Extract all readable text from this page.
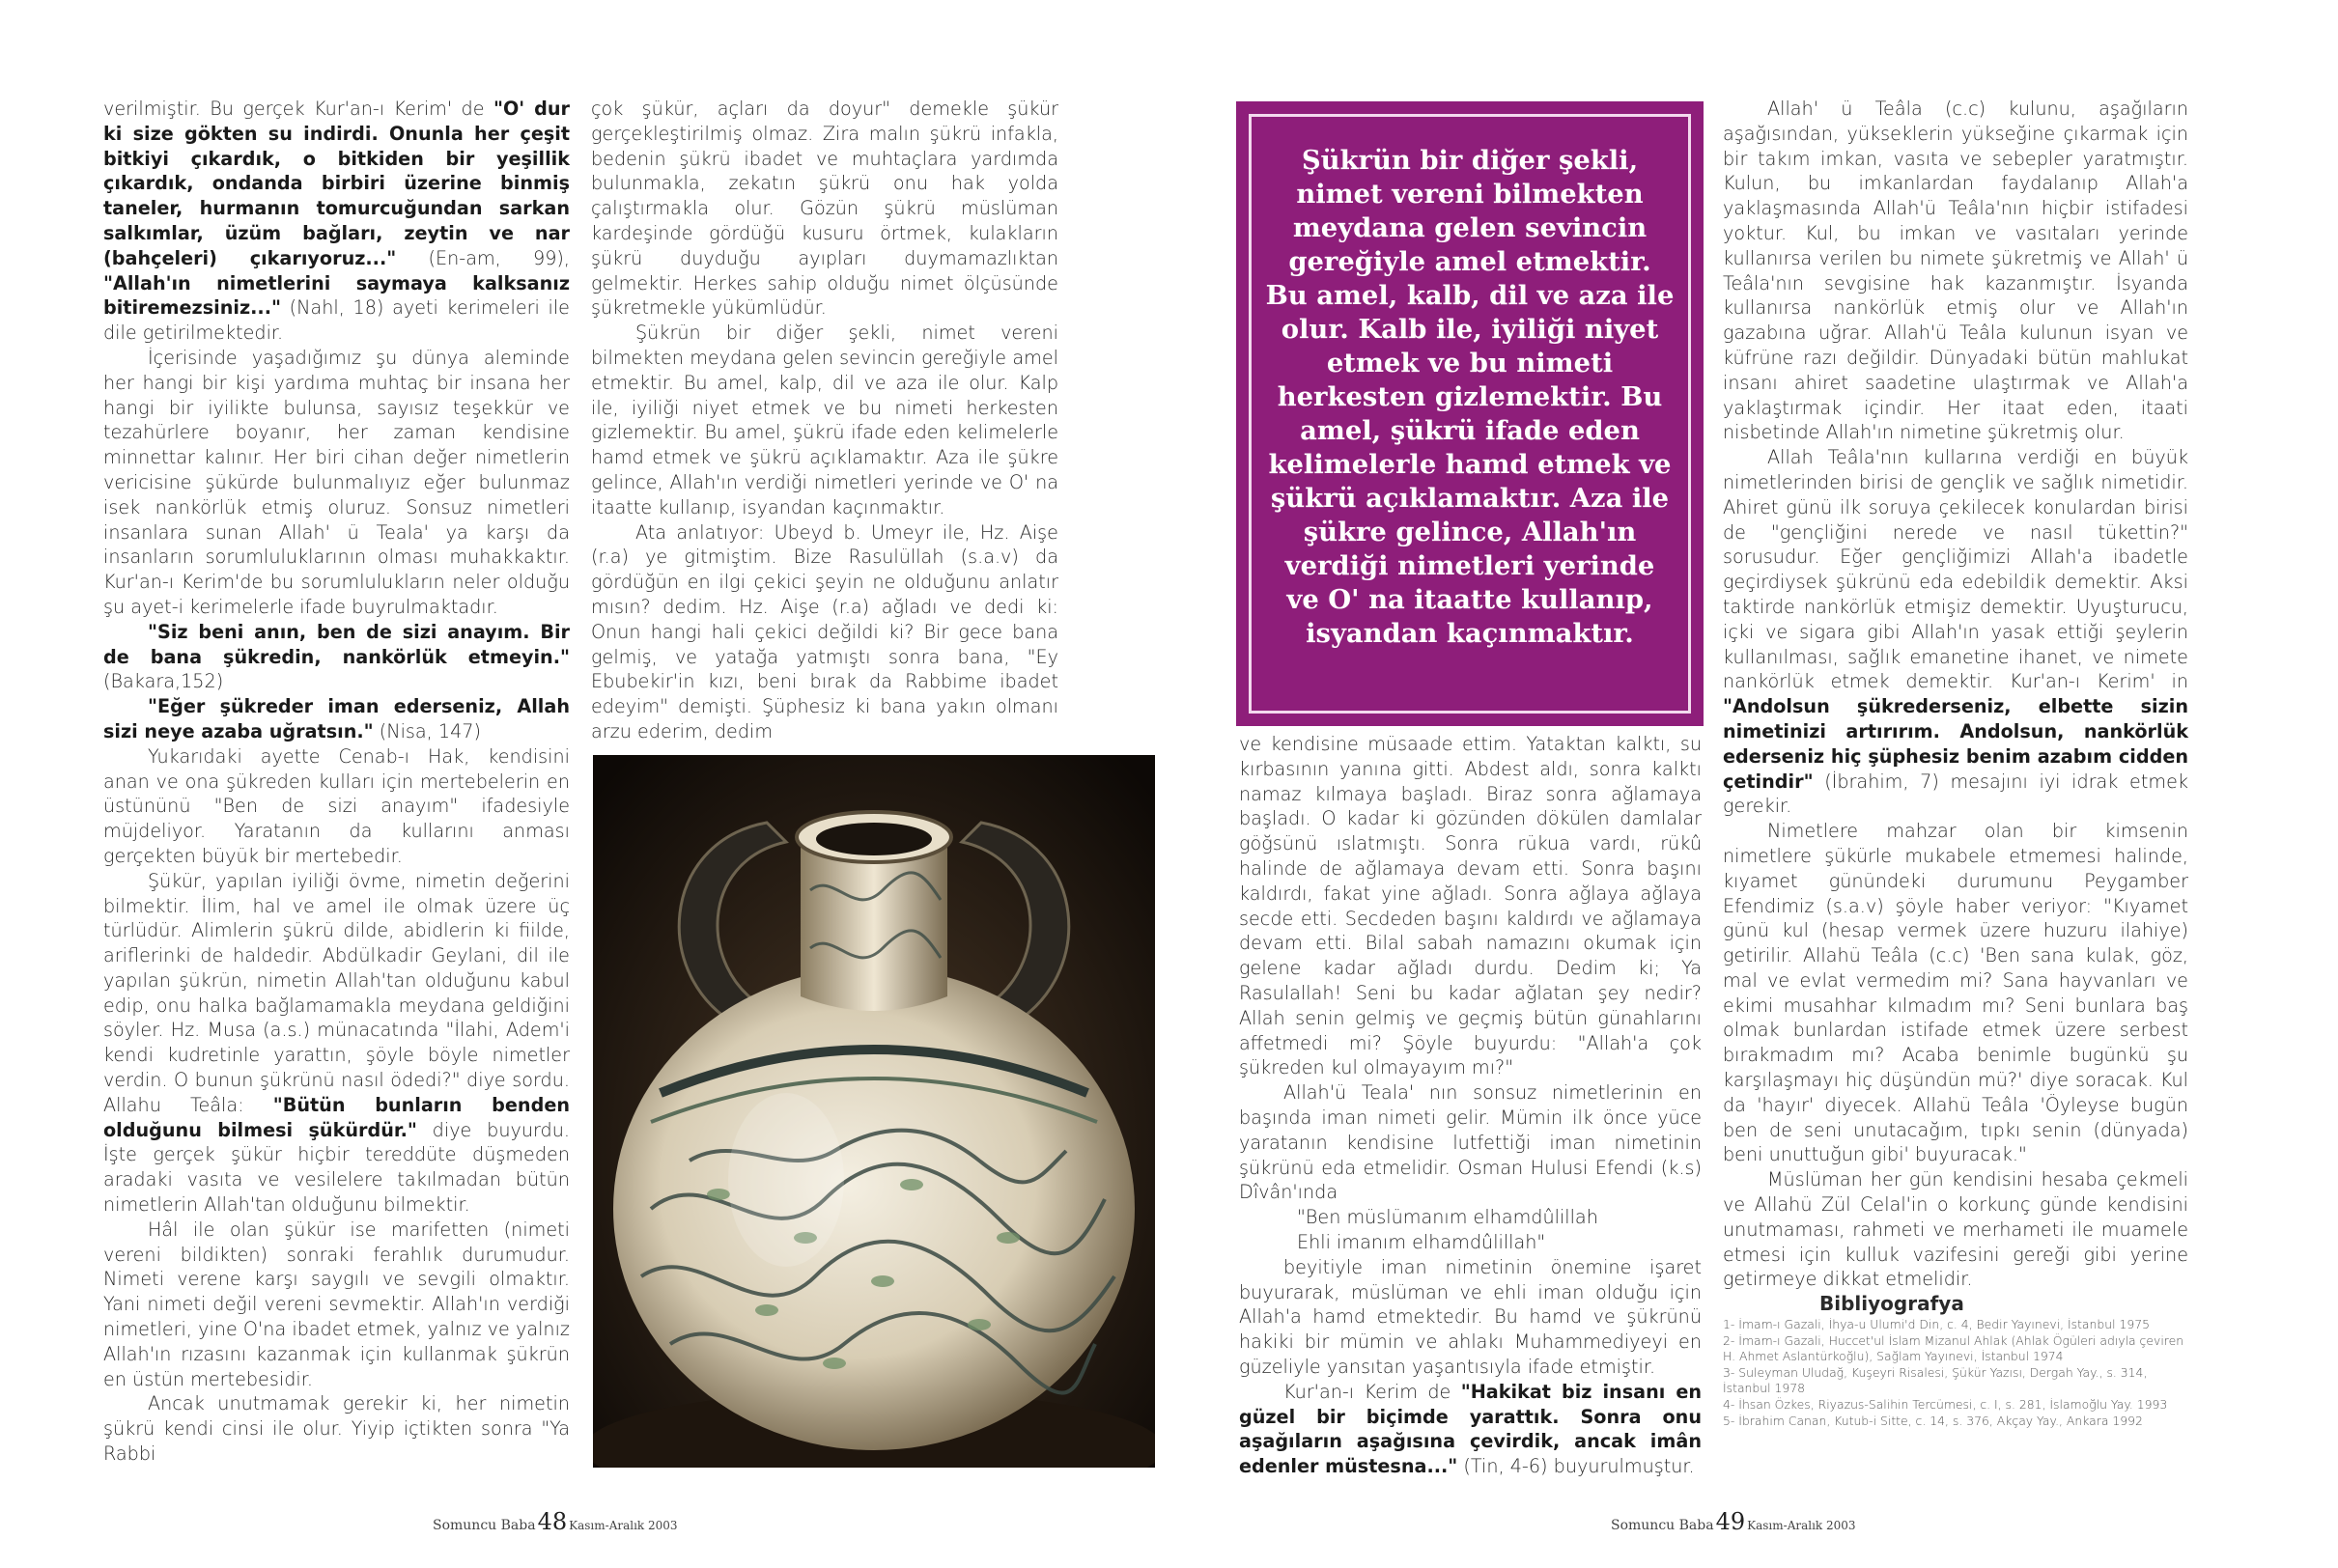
verilmiştir. Bu gerçek Kur'an-ı Kerim' de "O' dur ki size gökten su indirdi. Onunla her çeşit bitkiyi çıkardık, o bitkiden bir yeşillik çıkardık, ondanda birbiri üzerine binmiş taneler, hurmanın tomurcuğundan sarkan salkımlar, üzüm bağları, zeytin ve nar (bahçeleri) çıkarıyoruz..." (En-am, 99), "Allah'ın nimetlerini saymaya kalksanız bitiremezsiniz..." (Nahl, 18) ayeti kerimeleri ile dile getirilmektedir.

İçerisinde yaşadığımız şu dünya aleminde her hangi bir kişi yardıma muhtaç bir insana her hangi bir iyilikte bulunsa, sayısız teşekkür ve tezahürlere boyanır, her zaman kendisine minnettar kalınır. Her biri cihan değer nimetlerin vericisine şükürde bulunmalıyız eğer bulunmaz isek nankörlük etmiş oluruz. Sonsuz nimetleri insanlara sunan Allah' ü Teala' ya karşı da insanların sorumluluklarının olması muhakkaktır. Kur'an-ı Kerim'de bu sorumlulukların neler olduğu şu ayet-i kerimelerle ifade buyrulmaktadır.

"Siz beni anın, ben de sizi anayım. Bir de bana şükredin, nankörlük etmeyin." (Bakara,152)

"Eğer şükreder iman ederseniz, Allah sizi neye azaba uğratsın." (Nisa, 147)

Yukarıdaki ayette Cenab-ı Hak, kendisini anan ve ona şükreden kulları için mertebelerin en üstününü "Ben de sizi anayım" ifadesiyle müjdeliyor. Yaratanın da kullarını anması gerçekten büyük bir mertebedir.

Şükür, yapılan iyiliği övme, nimetin değerini bilmektir. İlim, hal ve amel ile olmak üzere üç türlüdür. Alimlerin şükrü dilde, abidlerin ki fiilde, ariflerinki de haldedir. Abdülkadir Geylani, dil ile yapılan şükrün, nimetin Allah'tan olduğunu kabul edip, onu halka bağlamamakla meydana geldiğini söyler. Hz. Musa (a.s.) münacatında "İlahi, Adem'i kendi kudretinle yarattın, şöyle böyle nimetler verdin. O bunun şükrünü nasıl ödedi?" diye sordu. Allahu Teâla: "Bütün bunların benden olduğunu bilmesi şükürdür." diye buyurdu. İşte gerçek şükür hiçbir tereddüte düşmeden aradaki vasıta ve vesilelere takılmadan bütün nimetlerin Allah'tan olduğunu bilmektir.

Hâl ile olan şükür ise marifetten (nimeti vereni bildikten) sonraki ferahlık durumudur. Nimeti verene karşı saygılı ve sevgili olmaktır. Yani nimeti değil vereni sevmektir. Allah'ın verdiği nimetleri, yine O'na ibadet etmek, yalnız ve yalnız Allah'ın rızasını kazanmak için kullanmak şükrün en üstün mertebesidir.

Ancak unutmamak gerekir ki, her nimetin şükrü kendi cinsi ile olur. Yiyip içtikten sonra "Ya Rabbi

çok şükür, açları da doyur" demekle şükür gerçekleştirilmiş olmaz. Zira malın şükrü infakla, bedenin şükrü ibadet ve muhtaçlara yardımda bulunmakla, zekatın şükrü onu hak yolda çalıştırmakla olur. Gözün şükrü müslüman kardeşinde gördüğü kusuru örtmek, kulakların şükrü duyduğu ayıpları duymamazlıktan gelmektir. Herkes sahip olduğu nimet ölçüsünde şükretmekle yükümlüdür.

Şükrün bir diğer şekli, nimet vereni bilmekten meydana gelen sevincin gereğiyle amel etmektir. Bu amel, kalp, dil ve aza ile olur. Kalp ile, iyiliği niyet etmek ve bu nimeti herkesten gizlemektir. Bu amel, şükrü ifade eden kelimelerle hamd etmek ve şükrü açıklamaktır. Aza ile şükre gelince, Allah'ın verdiği nimetleri yerinde ve O' na itaatte kullanıp, isyandan kaçınmaktır.

Ata anlatıyor: Ubeyd b. Umeyr ile, Hz. Aişe (r.a) ye gitmiştim. Bize Rasulüllah (s.a.v) da gördüğün en ilgi çekici şeyin ne olduğunu anlatır mısın? dedim. Hz. Aişe (r.a) ağladı ve dedi ki: Onun hangi hali çekici değildi ki? Bir gece bana gelmiş, ve yatağa yatmıştı sonra bana, "Ey Ebubekir'in kızı, beni bırak da Rabbime ibadet edeyim" demişti. Şüphesiz ki bana yakın olmanı arzu ederim, dedim

Şükrün bir diğer şekli, nimet vereni bilmekten meydana gelen sevincin gereğiyle amel etmektir. Bu amel, kalb, dil ve aza ile olur. Kalb ile, iyiliği niyet etmek ve bu nimeti herkesten gizlemektir. Bu amel, şükrü ifade eden kelimelerle hamd etmek ve şükrü açıklamaktır. Aza ile şükre gelince, Allah'ın verdiği nimetleri yerinde ve O' na itaatte kullanıp, isyandan kaçınmaktır.

ve kendisine müsaade ettim. Yataktan kalktı, su kırbasının yanına gitti. Abdest aldı, sonra kalktı namaz kılmaya başladı. Biraz sonra ağlamaya başladı. O kadar ki gözünden dökülen damlalar göğsünü ıslatmıştı. Sonra rükua vardı, rükû halinde de ağlamaya devam etti. Sonra başını kaldırdı, fakat yine ağladı. Sonra ağlaya ağlaya secde etti. Secdeden başını kaldırdı ve ağlamaya devam etti. Bilal sabah namazını okumak için gelene kadar ağladı durdu. Dedim ki; Ya Rasulallah! Seni bu kadar ağlatan şey nedir? Allah senin gelmiş ve geçmiş bütün günahlarını affetmedi mi? Şöyle buyurdu: "Allah'a çok şükreden kul olmayayım mı?"

Allah'ü Teala' nın sonsuz nimetlerinin en başında iman nimeti gelir. Mümin ilk önce yüce yaratanın kendisine lutfettiği iman nimetinin şükrünü eda etmelidir. Osman Hulusi Efendi (k.s) Dîvân'ında

"Ben müslümanım elhamdûlillah

Ehli imanım elhamdûlillah"

beyitiyle iman nimetinin önemine işaret buyurarak, müslüman ve ehli iman olduğu için Allah'a hamd etmektedir. Bu hamd ve şükrünü hakiki bir mümin ve ahlakı Muhammediyeyi en güzeliyle yansıtan yaşantısıyla ifade etmiştir.

Kur'an-ı Kerim de "Hakikat biz insanı en güzel bir biçimde yarattık. Sonra onu aşağıların aşağısına çevirdik, ancak imân edenler müstesna..." (Tin, 4-6) buyurulmuştur.

Allah' ü Teâla (c.c) kulunu, aşağıların aşağısından, yükseklerin yükseğine çıkarmak için bir takım imkan, vasıta ve sebepler yaratmıştır. Kulun, bu imkanlardan faydalanıp Allah'a yaklaşmasında Allah'ü Teâla'nın hiçbir istifadesi yoktur. Kul, bu imkan ve vasıtaları yerinde kullanırsa verilen bu nimete şükretmiş ve Allah' ü Teâla'nın sevgisine hak kazanmıştır. İsyanda kullanırsa nankörlük etmiş olur ve Allah'ın gazabına uğrar. Allah'ü Teâla kulunun isyan ve küfrüne razı değildir. Dünyadaki bütün mahlukat insanı ahiret saadetine ulaştırmak ve Allah'a yaklaştırmak içindir. Her itaat eden, itaati nisbetinde Allah'ın nimetine şükretmiş olur.

Allah Teâla'nın kullarına verdiği en büyük nimetlerinden birisi de gençlik ve sağlık nimetidir. Ahiret günü ilk soruya çekilecek konulardan birisi de "gençliğini nerede ve nasıl tükettin?" sorusudur. Eğer gençliğimizi Allah'a ibadetle geçirdiysek şükrünü eda edebildik demektir. Aksi taktirde nankörlük etmişiz demektir. Uyuşturucu, içki ve sigara gibi Allah'ın yasak ettiği şeylerin kullanılması, sağlık emanetine ihanet, ve nimete nankörlük etmek demektir. Kur'an-ı Kerim' in "Andolsun şükrederseniz, elbette sizin nimetinizi artırırım. Andolsun, nankörlük ederseniz hiç şüphesiz benim azabım cidden çetindir" (İbrahim, 7) mesajını iyi idrak etmek gerekir.

Nimetlere mahzar olan bir kimsenin nimetlere şükürle mukabele etmemesi halinde, kıyamet günündeki durumunu Peygamber Efendimiz (s.a.v) şöyle haber veriyor: "Kıyamet günü kul (hesap vermek üzere huzuru ilahiye) getirilir. Allahü Teâla (c.c) 'Ben sana kulak, göz, mal ve evlat vermedim mi? Sana hayvanları ve ekimi musahhar kılmadım mı? Seni bunlara baş olmak bunlardan istifade etmek üzere serbest bırakmadım mı? Acaba benimle bugünkü şu karşılaşmayı hiç düşündün mü?' diye soracak. Kul da 'hayır' diyecek. Allahü Teâla 'Öyleyse bugün ben de seni unutacağım, tıpkı senin (dünyada) beni unuttuğun gibi' buyuracak."

Müslüman her gün kendisini hesaba çekmeli ve Allahü Zül Celal'in o korkunç günde kendisini unutmaması, rahmeti ve merhameti ile muamele etmesi için kulluk vazifesini gereği gibi yerine getirmeye dikkat etmelidir.

Bibliyografya

1- İmam-ı Gazali, İhya-u Ulumi'd Din, c. 4, Bedir Yayınevi, İstanbul 1975
2- İmam-ı Gazali, Huccet'ul İslam Mizanul Ahlak (Ahlak Ögüleri adıyla çeviren H. Ahmet Aslantürkoğlu), Sağlam Yayınevi, İstanbul 1974
3- Suleyman Uludağ, Kuşeyri Risalesi, Şükür Yazısı, Dergah Yay., s. 314, İstanbul 1978
4- İhsan Özkes, Riyazus-Salihin Tercümesi, c. I, s. 281, İslamoğlu Yay. 1993
5- İbrahim Canan, Kutub-i Sitte, c. 14, s. 376, Akçay Yay., Ankara 1992
Somuncu Baba 48 Kasım-Aralık 2003	Somuncu Baba 49 Kasım-Aralık 2003
